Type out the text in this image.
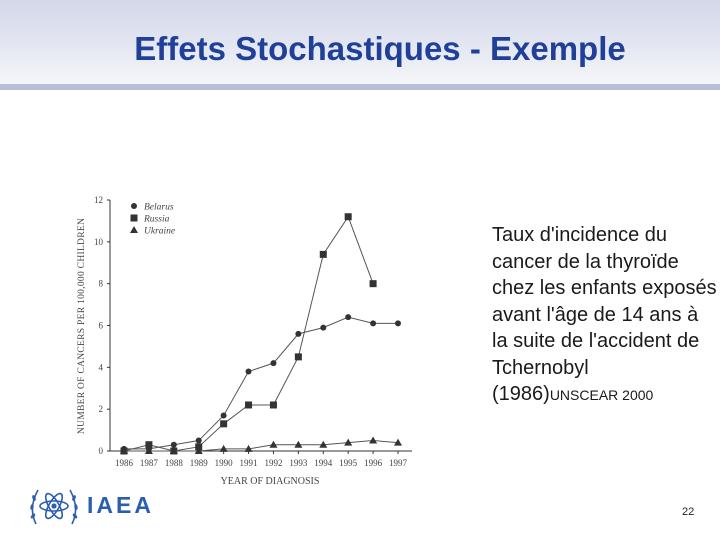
Effets Stochastiques - Exemple
NUMBER OF CANCERS PER 100,000 CHILDREN
YEAR OF DIAGNOSIS
0
2
4
6
8
10
12
1986 1987 1988 1989 1990 1991 1992 1993 1994 1995 1996 1997
Belarus
Russia
Ukraine	Taux d'incidence du cancer de la thyroïde chez les enfants exposés avant l'âge de 14 ans à la suite de l'accident de Tchernobyl (1986)UNSCEAR 2000
IAEA	22
